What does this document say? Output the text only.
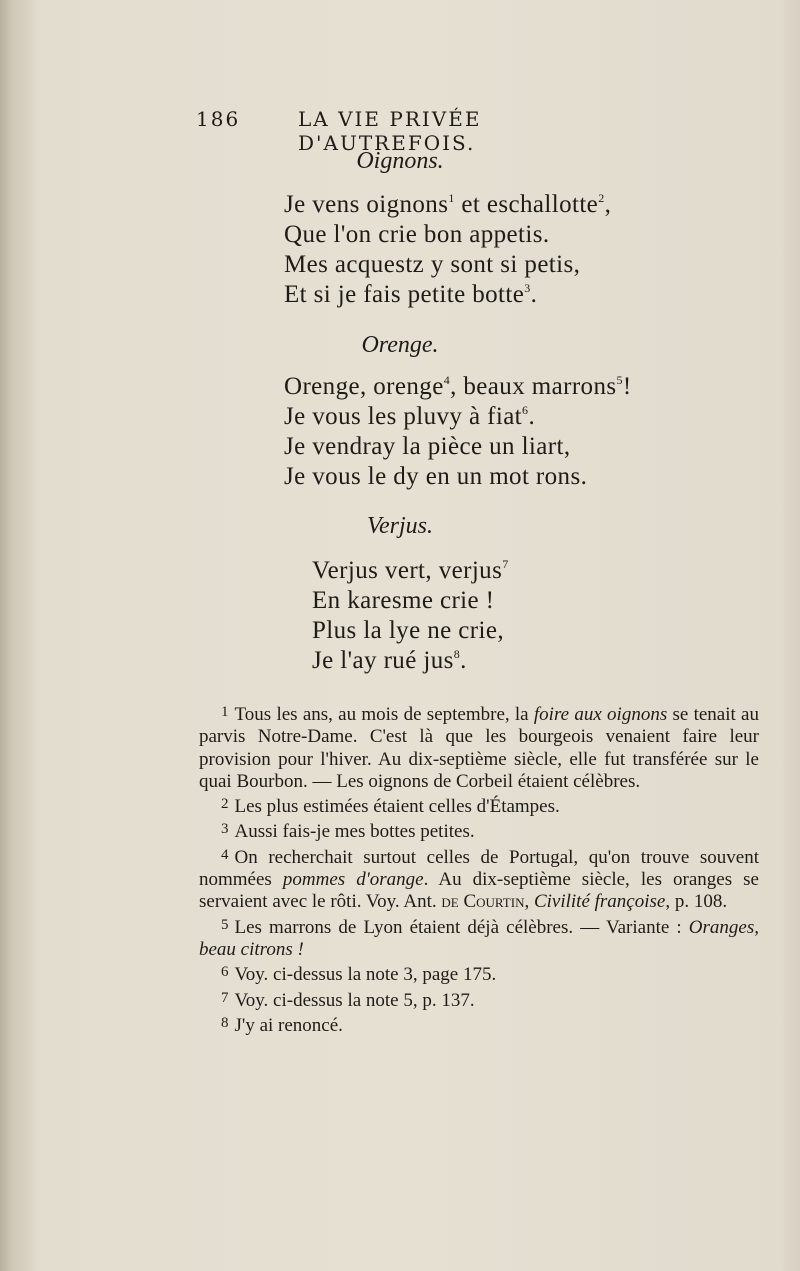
186	LA VIE PRIVÉE D'AUTREFOIS.
Oignons.
Je vens oignons$^1$ et eschallotte$^2$,
Que l'on crie bon appetis.
Mes acquestz y sont si petis,
Et si je fais petite botte$^3$.
Orenge.
Orenge, orenge$^4$, beaux marrons$^5$!
Je vous les pluvy à fiat$^6$.
Je vendray la pièce un liart,
Je vous le dy en un mot rons.
Verjus.
Verjus vert, verjus$^7$
En karesme crie !
Plus la lye ne crie,
Je l'ay rué jus$^8$.

$^1$ Tous les ans, au mois de septembre, la foire aux oignons se tenait au parvis Notre-Dame. C'est là que les bourgeois venaient faire leur provision pour l'hiver. Au dix-septième siècle, elle fut transférée sur le quai Bourbon. — Les oignons de Corbeil étaient célèbres.

$^2$ Les plus estimées étaient celles d'Étampes.

$^3$ Aussi fais-je mes bottes petites.

$^4$ On recherchait surtout celles de Portugal, qu'on trouve souvent nommées pommes d'orange. Au dix-septième siècle, les oranges se servaient avec le rôti. Voy. Ant. de Courtin, Civilité françoise, p. 108.

$^5$ Les marrons de Lyon étaient déjà célèbres. — Variante : Oranges, beau citrons !

$^6$ Voy. ci-dessus la note 3, page 175.

$^7$ Voy. ci-dessus la note 5, p. 137.

$^8$ J'y ai renoncé.
